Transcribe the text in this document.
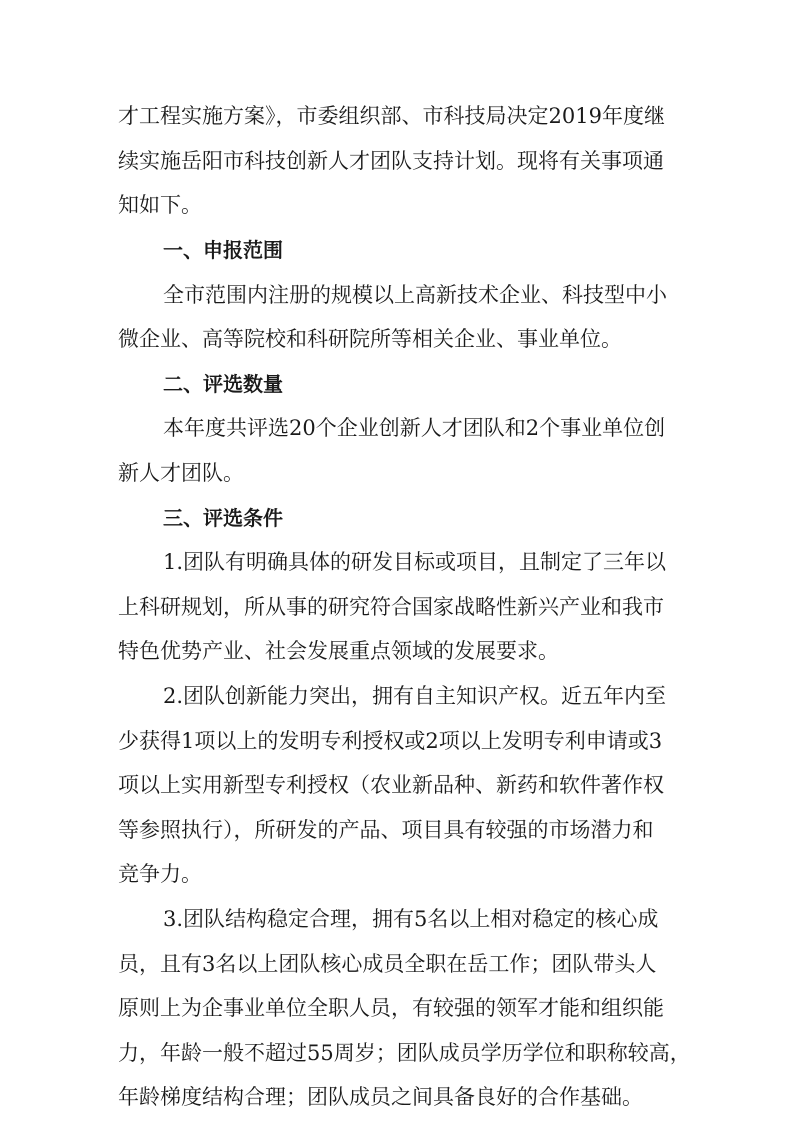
才工程实施方案》，市委组织部、市科技局决定2019年度继
续实施岳阳市科技创新人才团队支持计划。现将有关事项通
知如下。
一、申报范围
全市范围内注册的规模以上高新技术企业、科技型中小
微企业、高等院校和科研院所等相关企业、事业单位。
二、评选数量
本年度共评选20个企业创新人才团队和2个事业单位创
新人才团队。
三、评选条件
1.团队有明确具体的研发目标或项目，且制定了三年以
上科研规划，所从事的研究符合国家战略性新兴产业和我市
特色优势产业、社会发展重点领域的发展要求。
2.团队创新能力突出，拥有自主知识产权。近五年内至
少获得1项以上的发明专利授权或2项以上发明专利申请或3
项以上实用新型专利授权（农业新品种、新药和软件著作权
等参照执行），所研发的产品、项目具有较强的市场潜力和
竞争力。
3.团队结构稳定合理，拥有5名以上相对稳定的核心成
员，且有3名以上团队核心成员全职在岳工作；团队带头人
原则上为企事业单位全职人员，有较强的领军才能和组织能
力，年龄一般不超过55周岁；团队成员学历学位和职称较高，
年龄梯度结构合理；团队成员之间具备良好的合作基础。
